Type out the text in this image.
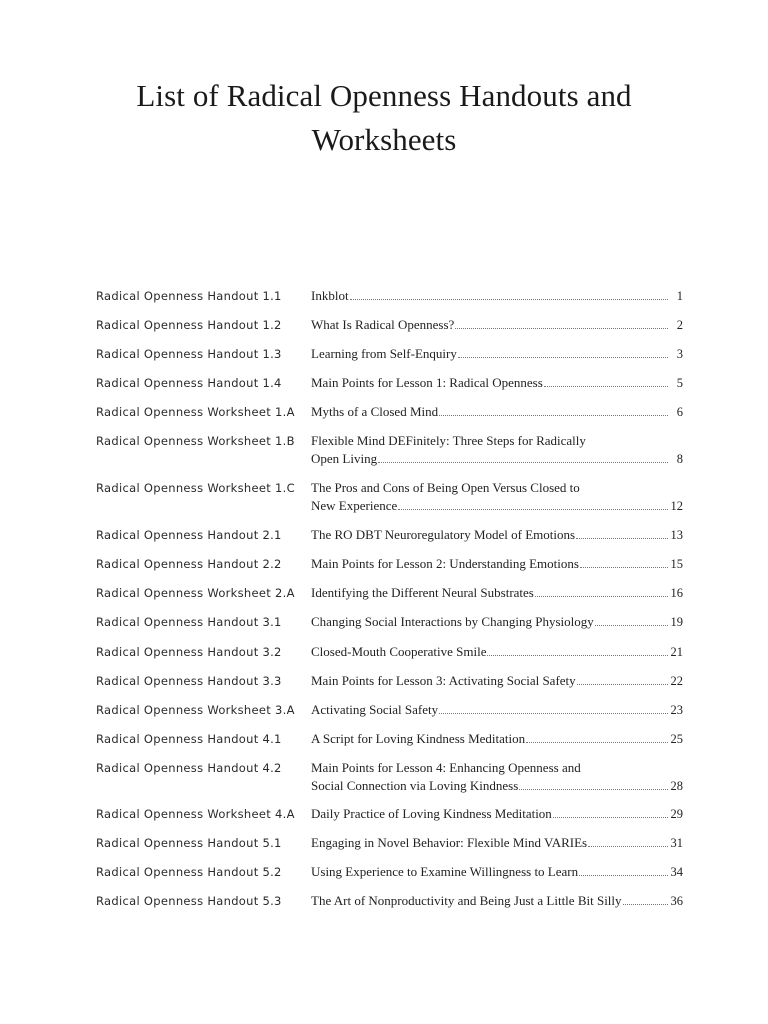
List of Radical Openness Handouts and
Worksheets
Radical Openness Handout 1.1 Inkblot	1
Radical Openness Handout 1.2 What Is Radical Openness?	2
Radical Openness Handout 1.3 Learning from Self-Enquiry	3
Radical Openness Handout 1.4 Main Points for Lesson 1: Radical Openness	5
Radical Openness Worksheet 1.A Myths of a Closed Mind	6
Radical Openness Worksheet 1.B Flexible Mind DEFinitely: Three Steps for Radically
Open Living	8
Radical Openness Worksheet 1.C The Pros and Cons of Being Open Versus Closed to
New Experience	12
Radical Openness Handout 2.1 The RO DBT Neuroregulatory Model of Emotions	13
Radical Openness Handout 2.2 Main Points for Lesson 2: Understanding Emotions	15
Radical Openness Worksheet 2.A Identifying the Different Neural Substrates	16
Radical Openness Handout 3.1 Changing Social Interactions by Changing Physiology	19
Radical Openness Handout 3.2 Closed-Mouth Cooperative Smile	21
Radical Openness Handout 3.3 Main Points for Lesson 3: Activating Social Safety	22
Radical Openness Worksheet 3.A Activating Social Safety	23
Radical Openness Handout 4.1 A Script for Loving Kindness Meditation	25
Radical Openness Handout 4.2 Main Points for Lesson 4: Enhancing Openness and
Social Connection via Loving Kindness	28
Radical Openness Worksheet 4.A Daily Practice of Loving Kindness Meditation	29
Radical Openness Handout 5.1 Engaging in Novel Behavior: Flexible Mind VARIEs	31
Radical Openness Handout 5.2 Using Experience to Examine Willingness to Learn	34
Radical Openness Handout 5.3 The Art of Nonproductivity and Being Just a Little Bit Silly	36
